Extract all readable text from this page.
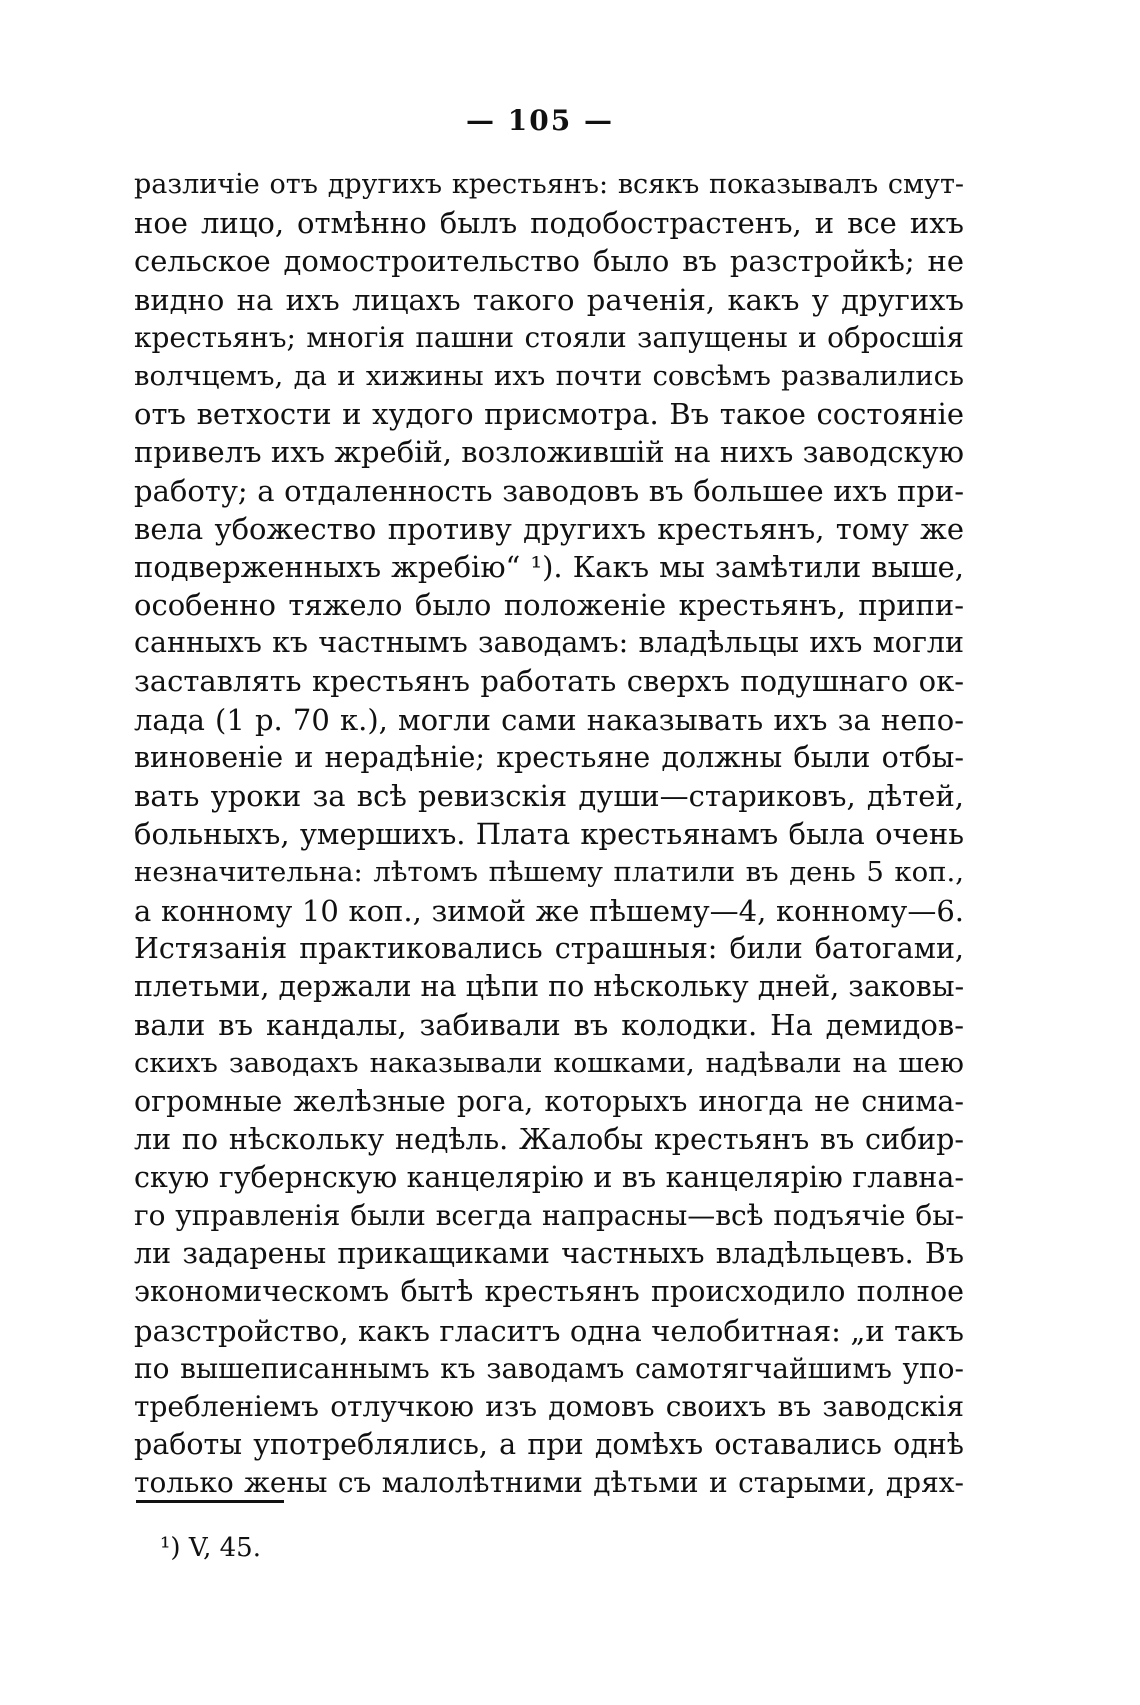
— 105 —
различіе отъ другихъ крестьянъ: всякъ показывалъ смут-
ное лицо, отмѣнно былъ подобострастенъ, и все ихъ
сельское домостроительство было въ разстройкѣ; не
видно на ихъ лицахъ такого раченія, какъ у другихъ
крестьянъ; многія пашни стояли запущены и обросшія
волчцемъ, да и хижины ихъ почти совсѣмъ развалились
отъ ветхости и худого присмотра. Въ такое состояніе
привелъ ихъ жребій, возложившій на нихъ заводскую
работу; а отдаленность заводовъ въ большее ихъ при-
вела убожество противу другихъ крестьянъ, тому же
подверженныхъ жребію“ ¹). Какъ мы замѣтили выше,
особенно тяжело было положеніе крестьянъ, припи-
санныхъ къ частнымъ заводамъ: владѣльцы ихъ могли
заставлять крестьянъ работать сверхъ подушнаго ок-
лада (1 р. 70 к.), могли сами наказывать ихъ за непо-
виновеніе и нерадѣніе; крестьяне должны были отбы-
вать уроки за всѣ ревизскія души—стариковъ, дѣтей,
больныхъ, умершихъ. Плата крестьянамъ была очень
незначительна: лѣтомъ пѣшему платили въ день 5 коп.,
а конному 10 коп., зимой же пѣшему—4, конному—6.
Истязанія практиковались страшныя: били батогами,
плетьми, держали на цѣпи по нѣскольку дней, заковы-
вали въ кандалы, забивали въ колодки. На демидов-
скихъ заводахъ наказывали кошками, надѣвали на шею
огромные желѣзные рога, которыхъ иногда не снима-
ли по нѣскольку недѣль. Жалобы крестьянъ въ сибир-
скую губернскую канцелярію и въ канцелярію главна-
го управленія были всегда напрасны—всѣ подъячіе бы-
ли задарены прикащиками частныхъ владѣльцевъ. Въ
экономическомъ бытѣ крестьянъ происходило полное
разстройство, какъ гласитъ одна челобитная: „и такъ
по вышеписаннымъ къ заводамъ самотягчайшимъ упо-
требленіемъ отлучкою изъ домовъ своихъ въ заводскія
работы употреблялись, а при домѣхъ оставались однѣ
только жены съ малолѣтними дѣтьми и старыми, дрях-
¹) V, 45.
